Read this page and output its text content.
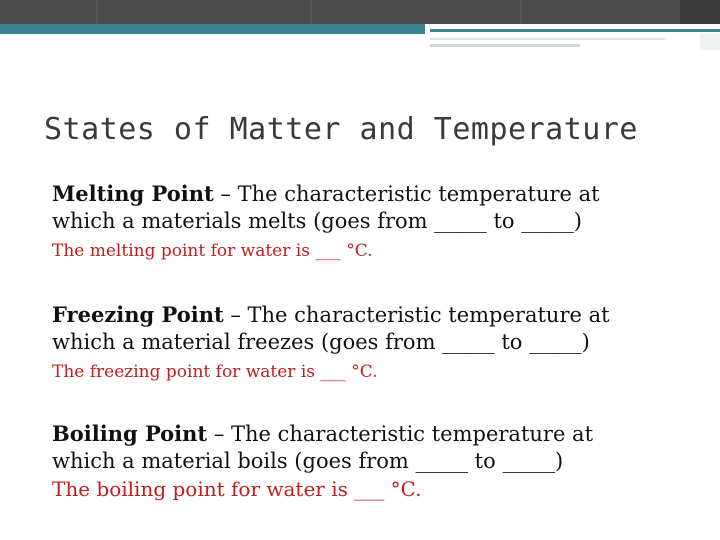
States of Matter and Temperature
Melting Point – The characteristic temperature at
which a materials melts (goes from _____ to _____)
The melting point for water is ___ °C.
Freezing Point – The characteristic temperature at
which a material freezes (goes from _____ to _____)
The freezing point for water is ___ °C.
Boiling Point – The characteristic temperature at
which a material boils (goes from _____ to _____)
The boiling point for water is ___ °C.
